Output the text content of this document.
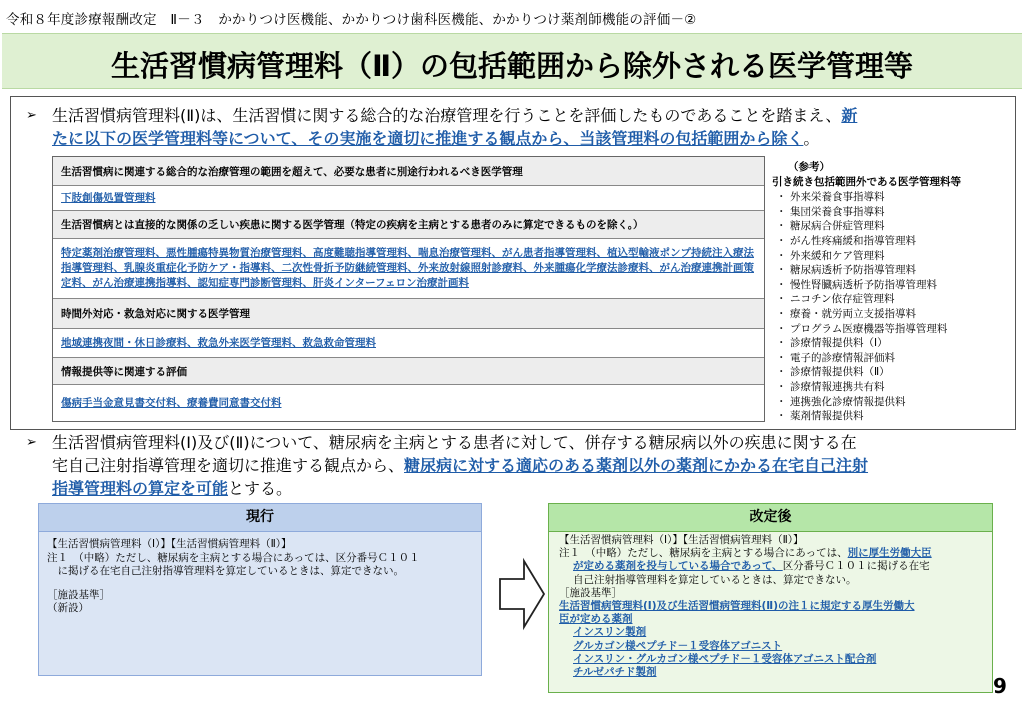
令和８年度診療報酬改定　Ⅱ－３　かかりつけ医機能、かかりつけ歯科医機能、かかりつけ薬剤師機能の評価－②
生活習慣病管理料（Ⅱ）の包括範囲から除外される医学管理等
➢ 生活習慣病管理料(Ⅱ)は、生活習慣に関する総合的な治療管理を行うことを評価したものであることを踏まえ、新
たに以下の医学管理料等について、その実施を適切に推進する観点から、当該管理料の包括範囲から除く。
生活習慣病に関連する総合的な治療管理の範囲を超えて、必要な患者に別途行われるべき医学管理
下肢創傷処置管理料
生活習慣病とは直接的な関係の乏しい疾患に関する医学管理（特定の疾病を主病とする患者のみに算定できるものを除く。）
特定薬剤治療管理料、悪性腫瘍特異物質治療管理料、高度難聴指導管理料、喘息治療管理料、がん患者指導管理料、植込型輸液ポンプ持続注入療法指導管理料、乳腺炎重症化予防ケア・指導料、二次性骨折予防継続管理料、外来放射線照射診療料、外来腫瘍化学療法診療料、がん治療連携計画策定料、がん治療連携指導料、認知症専門診断管理料、肝炎インターフェロン治療計画料
時間外対応・救急対応に関する医学管理
地域連携夜間・休日診療料、救急外来医学管理料、救急救命管理料
情報提供等に関連する評価
傷病手当金意見書交付料、療養費同意書交付料
（参考）
引き続き包括範囲外である医学管理料等
・ 外来栄養食事指導料
・ 集団栄養食事指導料
・ 糖尿病合併症管理料
・ がん性疼痛緩和指導管理料
・ 外来緩和ケア管理料
・ 糖尿病透析予防指導管理料
・ 慢性腎臓病透析予防指導管理料
・ ニコチン依存症管理料
・ 療養・就労両立支援指導料
・ プログラム医療機器等指導管理料
・ 診療情報提供料（Ⅰ）
・ 電子的診療情報評価料
・ 診療情報提供料（Ⅱ）
・ 診療情報連携共有料
・ 連携強化診療情報提供料
・ 薬剤情報提供料
➢ 生活習慣病管理料(Ⅰ)及び(Ⅱ)について、糖尿病を主病とする患者に対して、併存する糖尿病以外の疾患に関する在
宅自己注射指導管理を適切に推進する観点から、糖尿病に対する適応のある薬剤以外の薬剤にかかる在宅自己注射
指導管理料の算定を可能とする。
現行
【生活習慣病管理料（Ⅰ）】【生活習慣病管理料（Ⅱ）】
注１　（中略）ただし、糖尿病を主病とする場合にあっては、区分番号Ｃ１０１
　に掲げる在宅自己注射指導管理料を算定しているときは、算定できない。
［施設基準］
（新設）
改定後
【生活習慣病管理料（Ⅰ）】【生活習慣病管理料（Ⅱ）】
注１　（中略）ただし、糖尿病を主病とする場合にあっては、別に厚生労働大臣
が定める薬剤を投与している場合であって、区分番号Ｃ１０１に掲げる在宅
自己注射指導管理料を算定しているときは、算定できない。
［施設基準］
生活習慣病管理料(Ⅰ)及び生活習慣病管理料(Ⅱ)の注１に規定する厚生労働大
臣が定める薬剤
インスリン製剤
グルカゴン様ペプチド－１受容体アゴニスト
インスリン・グルカゴン様ペプチド－１受容体アゴニスト配合剤
チルゼパチド製剤
9
